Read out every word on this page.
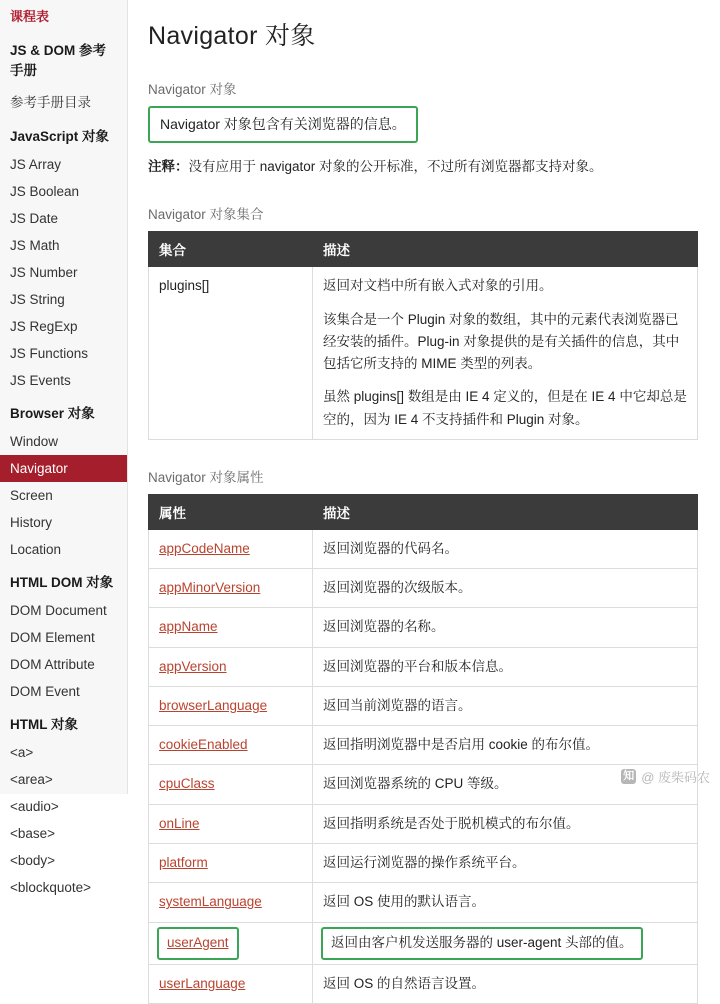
课程表
JS & DOM 参考手册
参考手册目录
JavaScript 对象
JS Array
JS Boolean
JS Date
JS Math
JS Number
JS String
JS RegExp
JS Functions
JS Events
Browser 对象
Window
Navigator
Screen
History
Location
HTML DOM 对象
DOM Document
DOM Element
DOM Attribute
DOM Event
HTML 对象
<a>
<area>
<audio>
<base>
<body>
<blockquote>
Navigator 对象
Navigator 对象
Navigator 对象包含有关浏览器的信息。

注释：没有应用于 navigator 对象的公开标准，不过所有浏览器都支持对象。

Navigator 对象集合
集合	描述
plugins[]	返回对文档中所有嵌入式对象的引用。

该集合是一个 Plugin 对象的数组，其中的元素代表浏览器已经安装的插件。Plug-in 对象提供的是有关插件的信息，其中包括它所支持的 MIME 类型的列表。

虽然 plugins[] 数组是由 IE 4 定义的，但是在 IE 4 中它却总是空的，因为 IE 4 不支持插件和 Plugin 对象。

Navigator 对象属性
属性	描述
appCodeName	返回浏览器的代码名。
appMinorVersion	返回浏览器的次级版本。
appName	返回浏览器的名称。
appVersion	返回浏览器的平台和版本信息。
browserLanguage	返回当前浏览器的语言。
cookieEnabled	返回指明浏览器中是否启用 cookie 的布尔值。
cpuClass	返回浏览器系统的 CPU 等级。
onLine	返回指明系统是否处于脱机模式的布尔值。
platform	返回运行浏览器的操作系统平台。
systemLanguage	返回 OS 使用的默认语言。
userAgent	返回由客户机发送服务器的 user-agent 头部的值。
userLanguage	返回 OS 的自然语言设置。
知 @ 废柴码农
